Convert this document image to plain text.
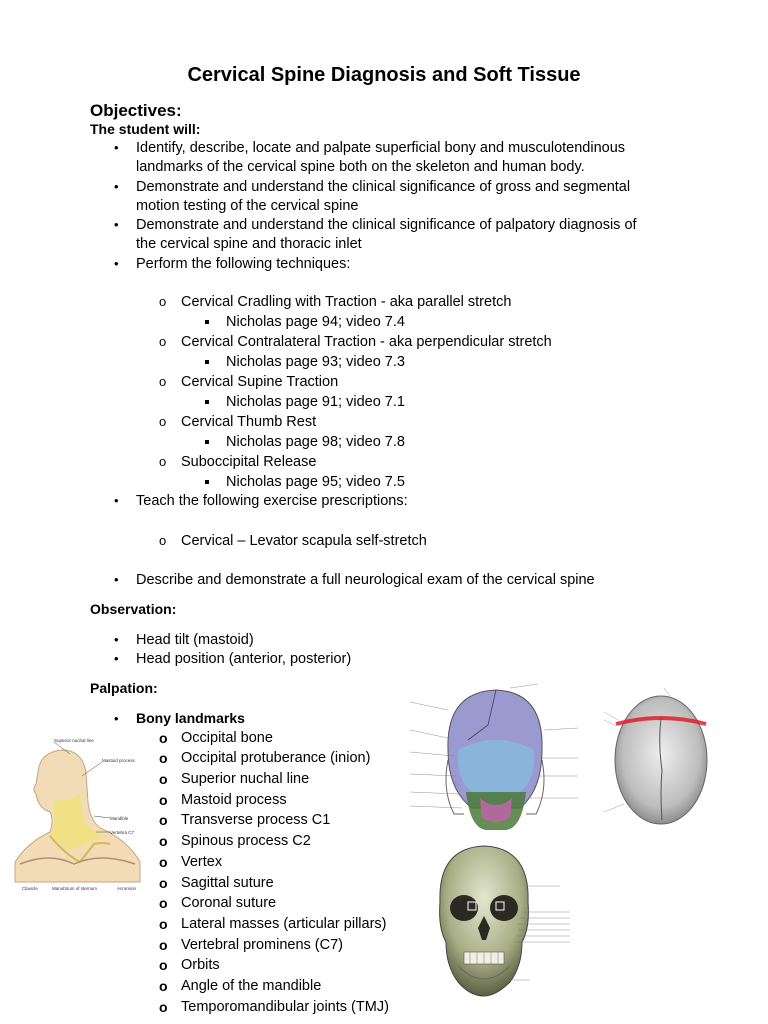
Cervical Spine Diagnosis and Soft Tissue
Objectives:
The student will:
• Identify, describe, locate and palpate superficial bony and musculotendinous
landmarks of the cervical spine both on the skeleton and human body.
• Demonstrate and understand the clinical significance of gross and segmental
motion testing of the cervical spine
• Demonstrate and understand the clinical significance of palpatory diagnosis of
the cervical spine and thoracic inlet
• Perform the following techniques:
o Cervical Cradling with Traction - aka parallel stretch
Nicholas page 94; video 7.4
o Cervical Contralateral Traction - aka perpendicular stretch
Nicholas page 93; video 7.3
o Cervical Supine Traction
Nicholas page 91; video 7.1
o Cervical Thumb Rest
Nicholas page 98; video 7.8
o Suboccipital Release
Nicholas page 95; video 7.5
• Teach the following exercise prescriptions:
o Cervical – Levator scapula self-stretch
• Describe and demonstrate a full neurological exam of the cervical spine
Observation:
• Head tilt (mastoid)
• Head position (anterior, posterior)
Palpation:
• Bony landmarks
o Occipital bone
o Occipital protuberance (inion)
o Superior nuchal line
o Mastoid process
o Transverse process C1
o Spinous process C2
o Vertex
o Sagittal suture
o Coronal suture
o Lateral masses (articular pillars)
o Vertebral prominens (C7)
o Orbits
o Angle of the mandible
o Temporomandibular joints (TMJ)
Superior nuchal line
Mastoid process
Mandible
Vertebra C7
Clavicle	Manubrium of sternum	Acromion
